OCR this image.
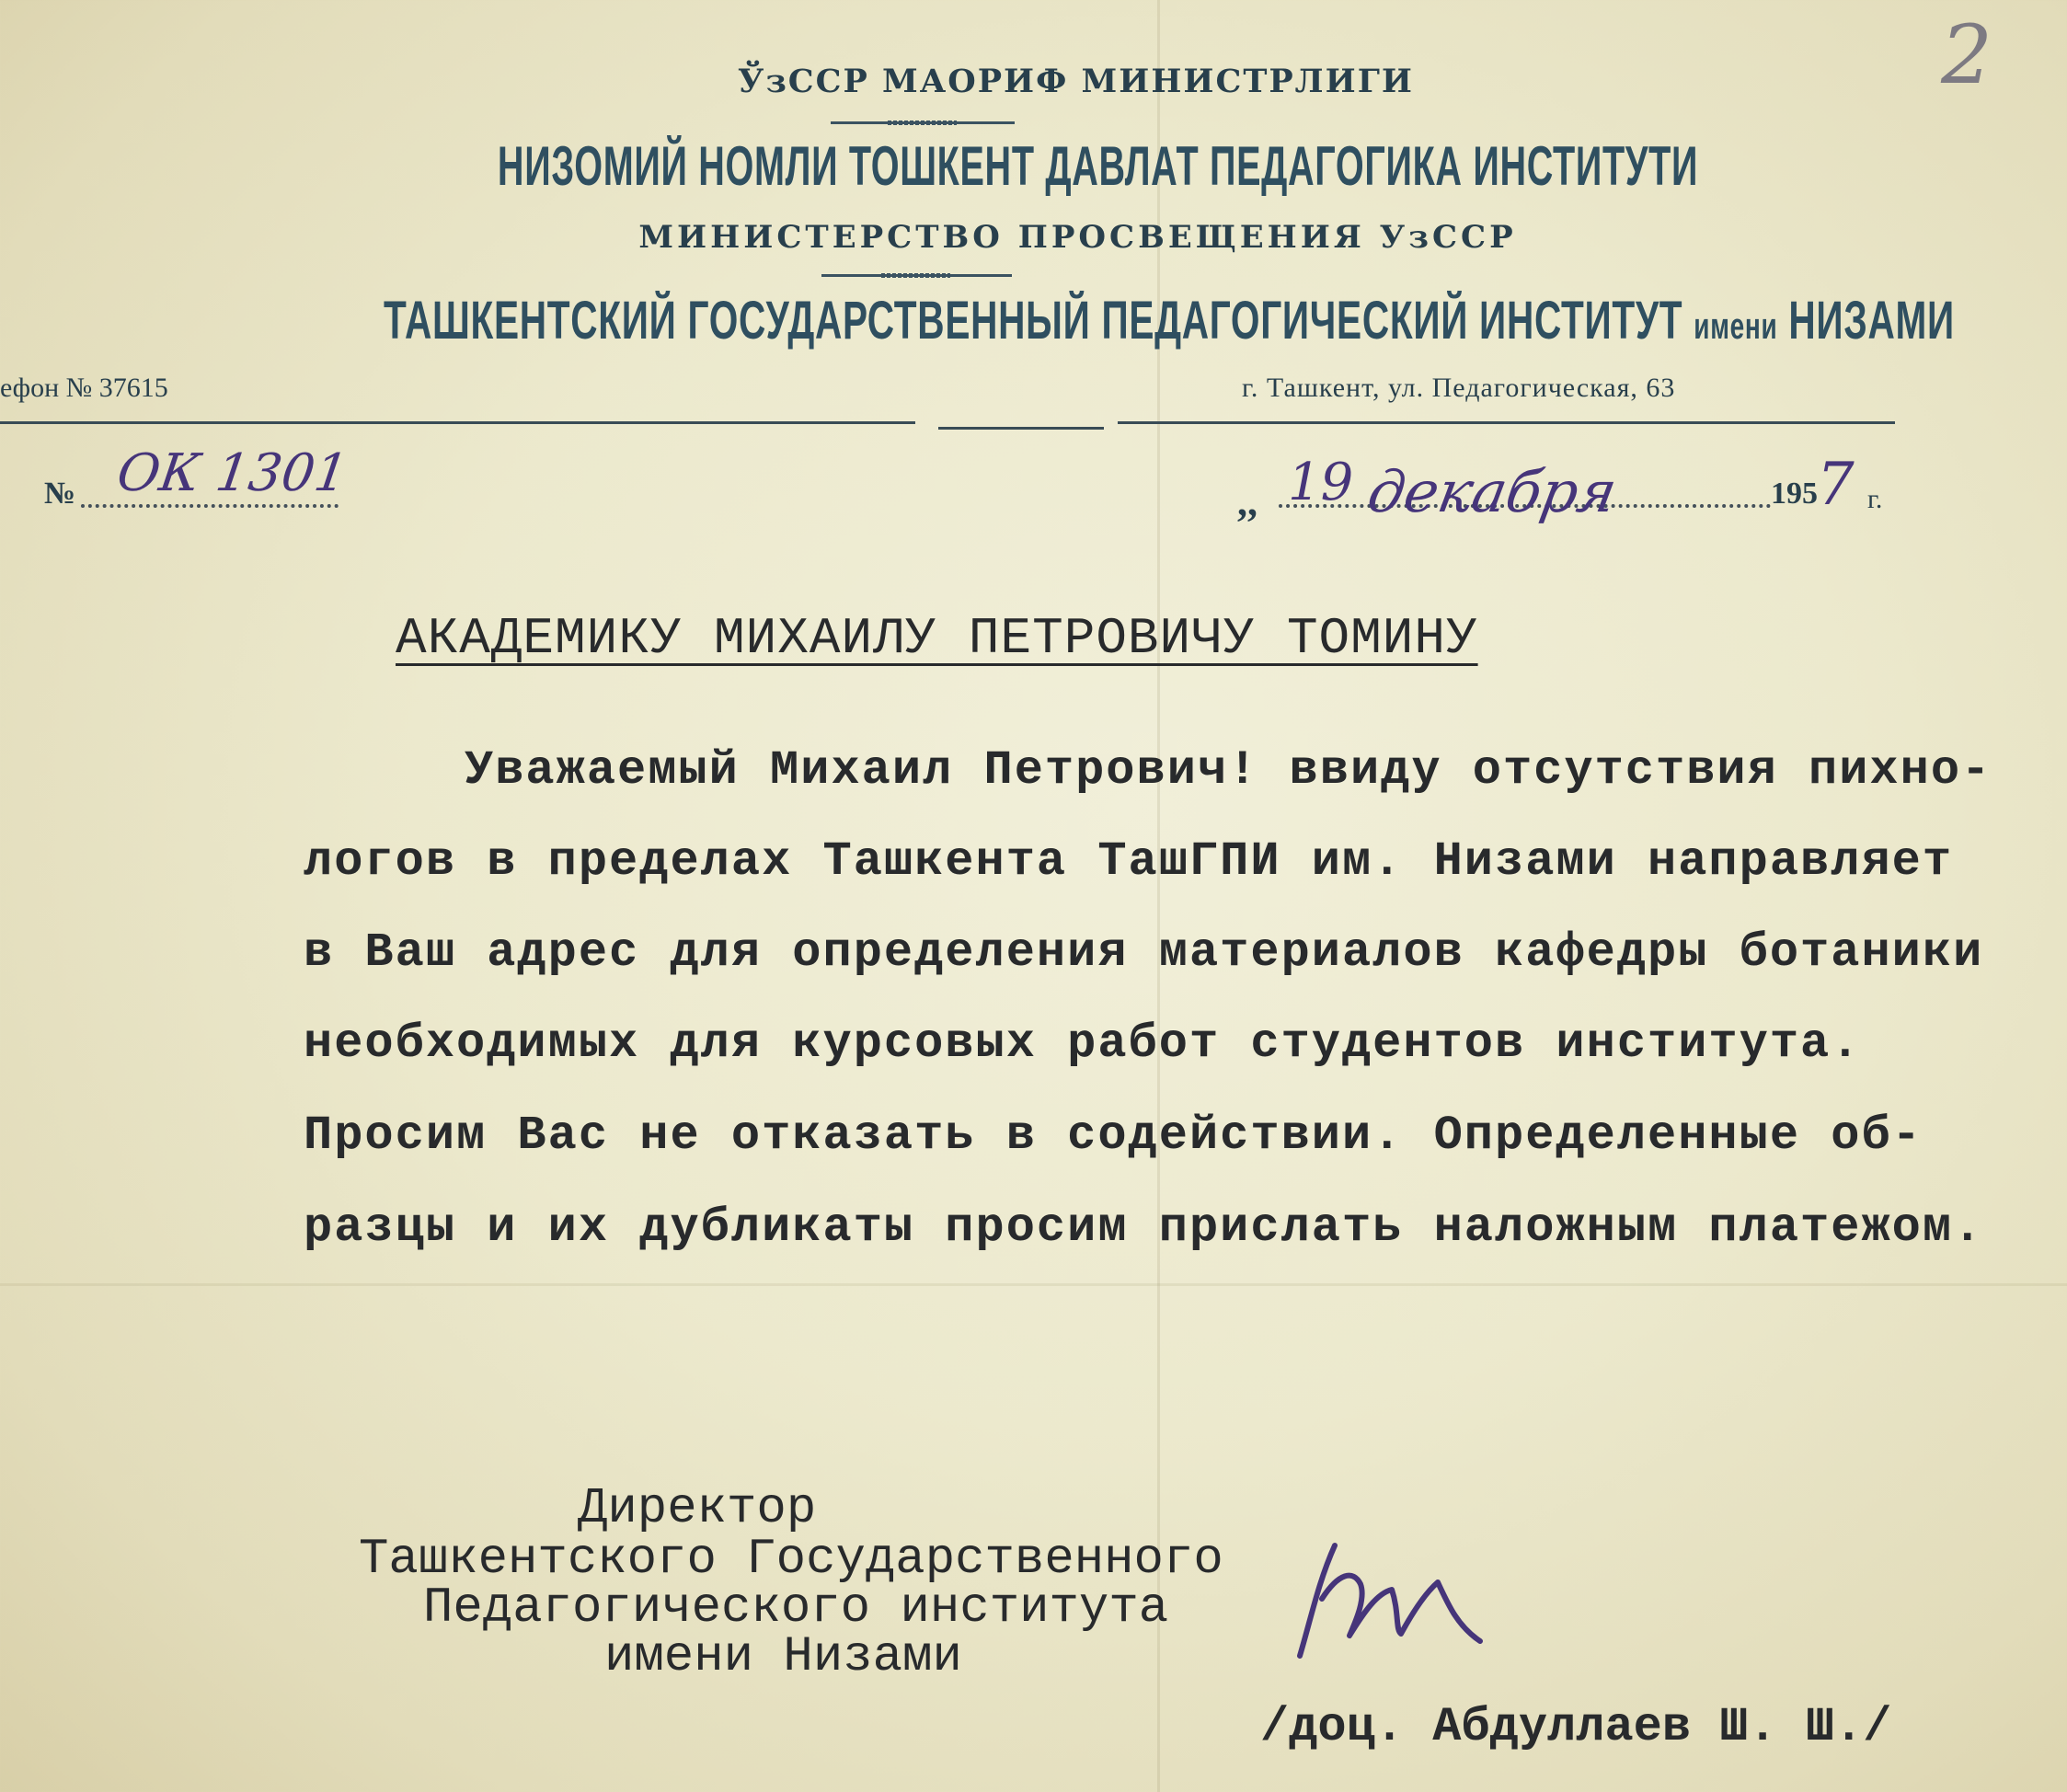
2
ЎзССР МАОРИФ МИНИСТРЛИГИ
НИЗОМИЙ НОМЛИ ТОШКЕНТ ДАВЛАТ ПЕДАГОГИКА ИНСТИТУТИ
МИНИСТЕРСТВО ПРОСВЕЩЕНИЯ УзССР
ТАШКЕНТСКИЙ ГОСУДАРСТВЕННЫЙ ПЕДАГОГИЧЕСКИЙ ИНСТИТУТ имени НИЗАМИ
ефон № 37615	г. Ташкент, ул. Педагогическая, 63
№ ОК 1301	,, 19 декабря	195 7 г.
АКАДЕМИКУ МИХАИЛУ ПЕТРОВИЧУ ТОМИНУ
Уважаемый Михаил Петрович! ввиду отсутствия пихно-
логов в пределах Ташкента ТашГПИ им. Низами направляет
в Ваш адрес для определения материалов кафедры ботаники
необходимых для курсовых работ студентов института.
Просим Вас не отказать в содействии. Определенные об-
разцы и их дубликаты просим прислать наложным платежом.
Директор
Ташкентского Государственного
Педагогического института
имени Низами
/доц. Абдуллаев Ш. Ш./
